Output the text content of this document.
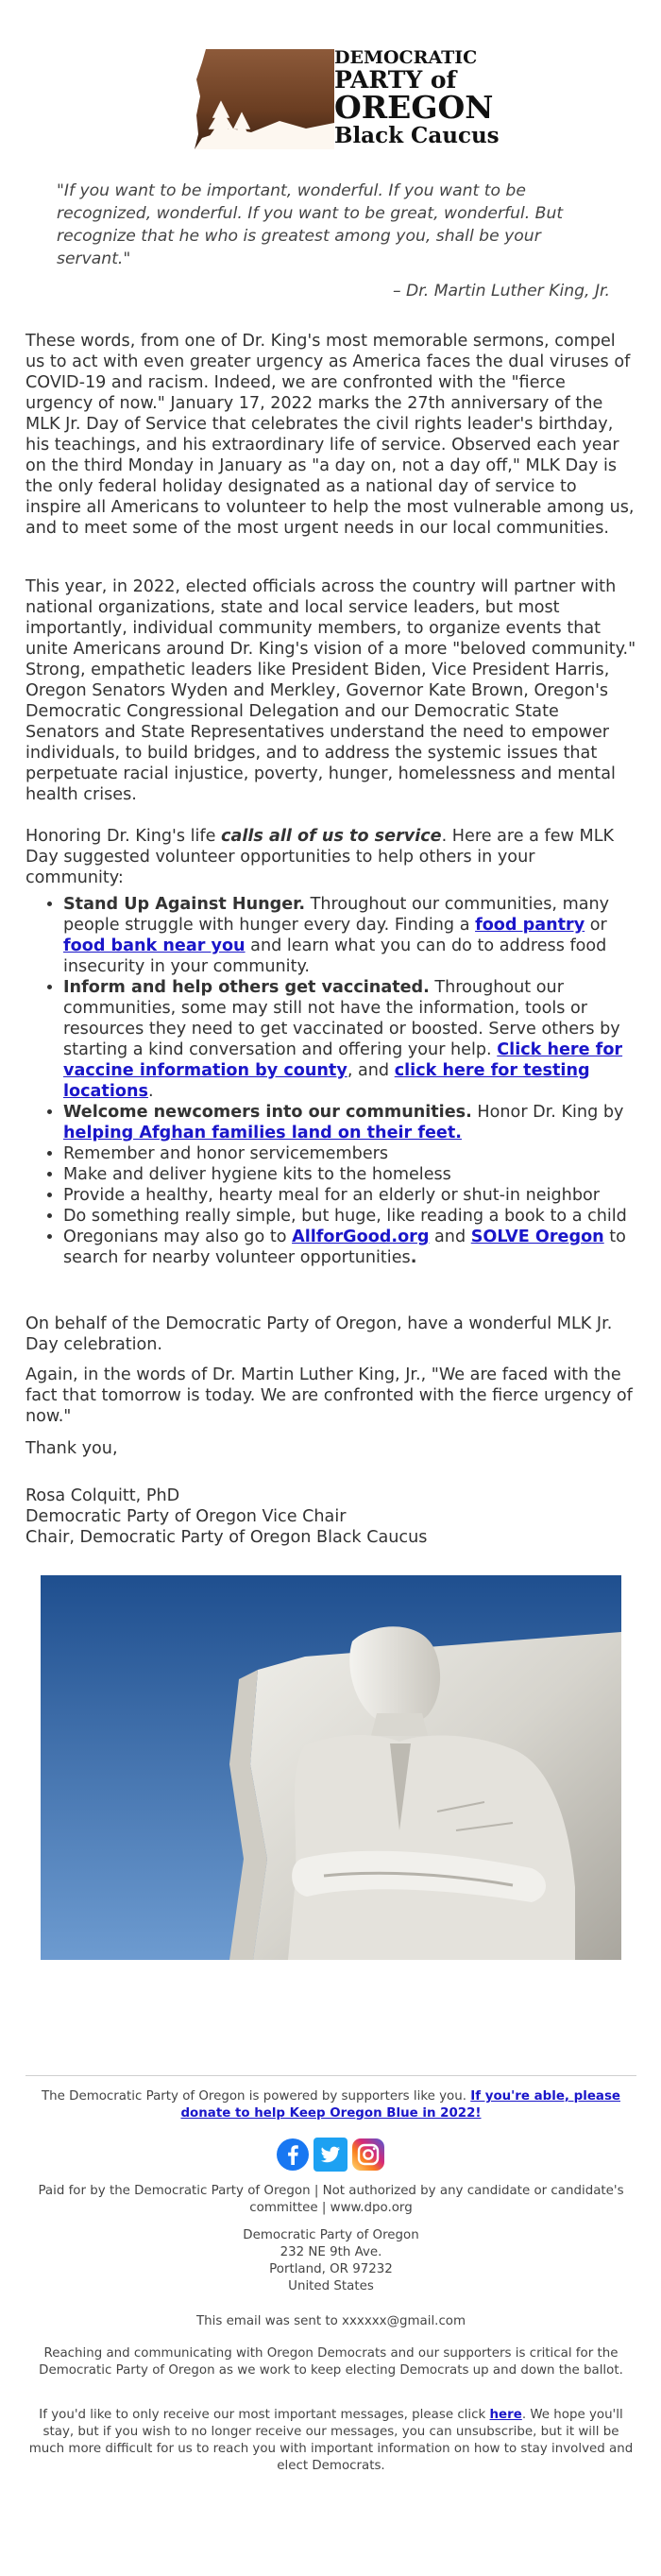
DEMOCRATIC
PARTY of
OREGON
Black Caucus
"If you want to be important, wonderful. If you want to be recognized, wonderful. If you want to be great, wonderful. But recognize that he who is greatest among you, shall be your servant."
– Dr. Martin Luther King, Jr.

These words, from one of Dr. King's most memorable sermons, compel us to act with even greater urgency as America faces the dual viruses of COVID-19 and racism. Indeed, we are confronted with the "fierce urgency of now." January 17, 2022 marks the 27th anniversary of the MLK Jr. Day of Service that celebrates the civil rights leader's birthday, his teachings, and his extraordinary life of service. Observed each year on the third Monday in January as "a day on, not a day off," MLK Day is the only federal holiday designated as a national day of service to inspire all Americans to volunteer to help the most vulnerable among us, and to meet some of the most urgent needs in our local communities.

This year, in 2022, elected officials across the country will partner with national organizations, state and local service leaders, but most importantly, individual community members, to organize events that unite Americans around Dr. King's vision of a more "beloved community." Strong, empathetic leaders like President Biden, Vice President Harris, Oregon Senators Wyden and Merkley, Governor Kate Brown, Oregon's Democratic Congressional Delegation and our Democratic State Senators and State Representatives understand the need to empower individuals, to build bridges, and to address the systemic issues that perpetuate racial injustice, poverty, hunger, homelessness and mental health crises.

Honoring Dr. King's life calls all of us to service. Here are a few MLK Day suggested volunteer opportunities to help others in your community:

• Stand Up Against Hunger. Throughout our communities, many people struggle with hunger every day. Finding a food pantry or food bank near you and learn what you can do to address food insecurity in your community.
• Inform and help others get vaccinated. Throughout our communities, some may still not have the information, tools or resources they need to get vaccinated or boosted. Serve others by starting a kind conversation and offering your help. Click here for vaccine information by county, and click here for testing locations.
• Welcome newcomers into our communities. Honor Dr. King by helping Afghan families land on their feet.
• Remember and honor servicemembers
• Make and deliver hygiene kits to the homeless
• Provide a healthy, hearty meal for an elderly or shut-in neighbor
• Do something really simple, but huge, like reading a book to a child
• Oregonians may also go to AllforGood.org and SOLVE Oregon to search for nearby volunteer opportunities.

On behalf of the Democratic Party of Oregon, have a wonderful MLK Jr. Day celebration.

Again, in the words of Dr. Martin Luther King, Jr., "We are faced with the fact that tomorrow is today. We are confronted with the fierce urgency of now."

Thank you,

Rosa Colquitt, PhD
Democratic Party of Oregon Vice Chair
Chair, Democratic Party of Oregon Black Caucus

The Democratic Party of Oregon is powered by supporters like you. If you're able, please donate to help Keep Oregon Blue in 2022!

Paid for by the Democratic Party of Oregon | Not authorized by any candidate or candidate's committee | www.dpo.org
Democratic Party of Oregon
232 NE 9th Ave.
Portland, OR 97232
United States
This email was sent to xxxxxx@gmail.com
Reaching and communicating with Oregon Democrats and our supporters is critical for the Democratic Party of Oregon as we work to keep electing Democrats up and down the ballot.

If you'd like to only receive our most important messages, please click here. We hope you'll stay, but if you wish to no longer receive our messages, you can unsubscribe, but it will be much more difficult for us to reach you with important information on how to stay involved and elect Democrats.
